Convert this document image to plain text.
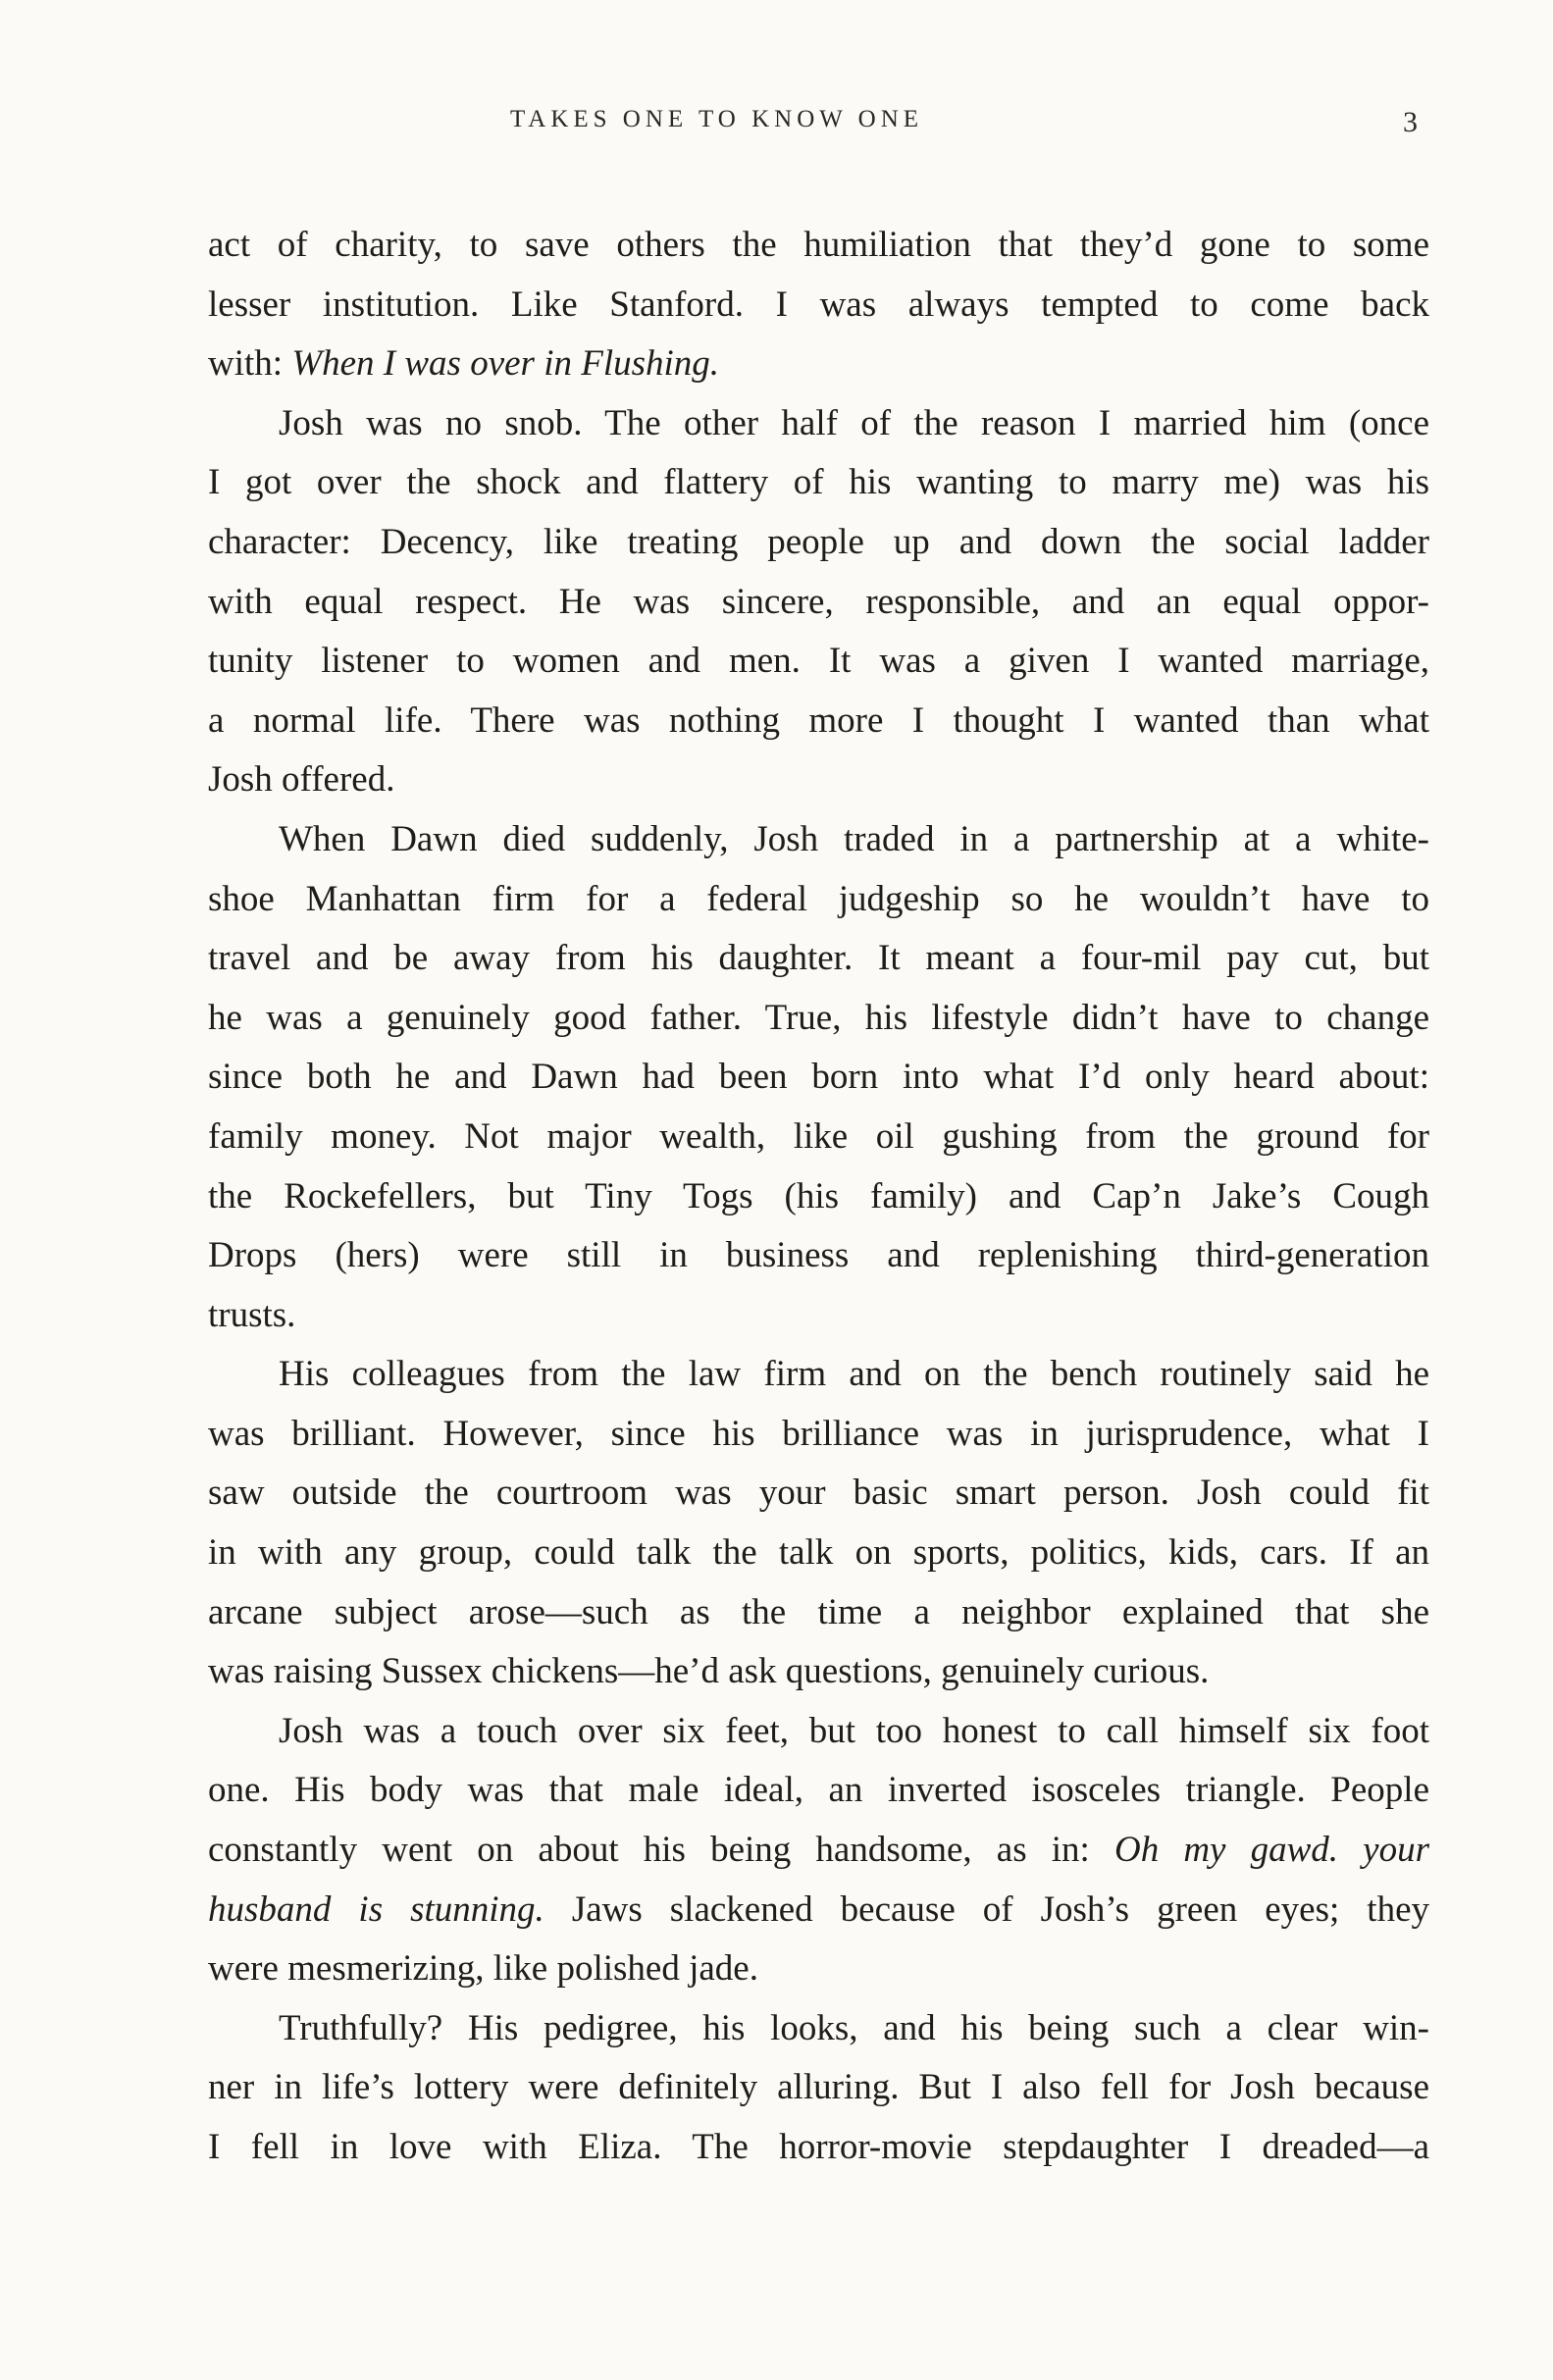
TAKES ONE TO KNOW ONE	3
act of charity, to save others the humiliation that they’d gone to some
lesser institution. Like Stanford. I was always tempted to come back
with: When I was over in Flushing.
Josh was no snob. The other half of the reason I married him (once
I got over the shock and flattery of his wanting to marry me) was his
character: Decency, like treating people up and down the social ladder
with equal respect. He was sincere, responsible, and an equal oppor-
tunity listener to women and men. It was a given I wanted marriage,
a normal life. There was nothing more I thought I wanted than what
Josh offered.
When Dawn died suddenly, Josh traded in a partnership at a white-
shoe Manhattan firm for a federal judgeship so he wouldn’t have to
travel and be away from his daughter. It meant a four-mil pay cut, but
he was a genuinely good father. True, his lifestyle didn’t have to change
since both he and Dawn had been born into what I’d only heard about:
family money. Not major wealth, like oil gushing from the ground for
the Rockefellers, but Tiny Togs (his family) and Cap’n Jake’s Cough
Drops (hers) were still in business and replenishing third-generation
trusts.
His colleagues from the law firm and on the bench routinely said he
was brilliant. However, since his brilliance was in jurisprudence, what I
saw outside the courtroom was your basic smart person. Josh could fit
in with any group, could talk the talk on sports, politics, kids, cars. If an
arcane subject arose—such as the time a neighbor explained that she
was raising Sussex chickens—he’d ask questions, genuinely curious.
Josh was a touch over six feet, but too honest to call himself six foot
one. His body was that male ideal, an inverted isosceles triangle. People
constantly went on about his being handsome, as in: Oh my gawd. your
husband is stunning. Jaws slackened because of Josh’s green eyes; they
were mesmerizing, like polished jade.
Truthfully? His pedigree, his looks, and his being such a clear win-
ner in life’s lottery were definitely alluring. But I also fell for Josh because
I fell in love with Eliza. The horror-movie stepdaughter I dreaded—a
